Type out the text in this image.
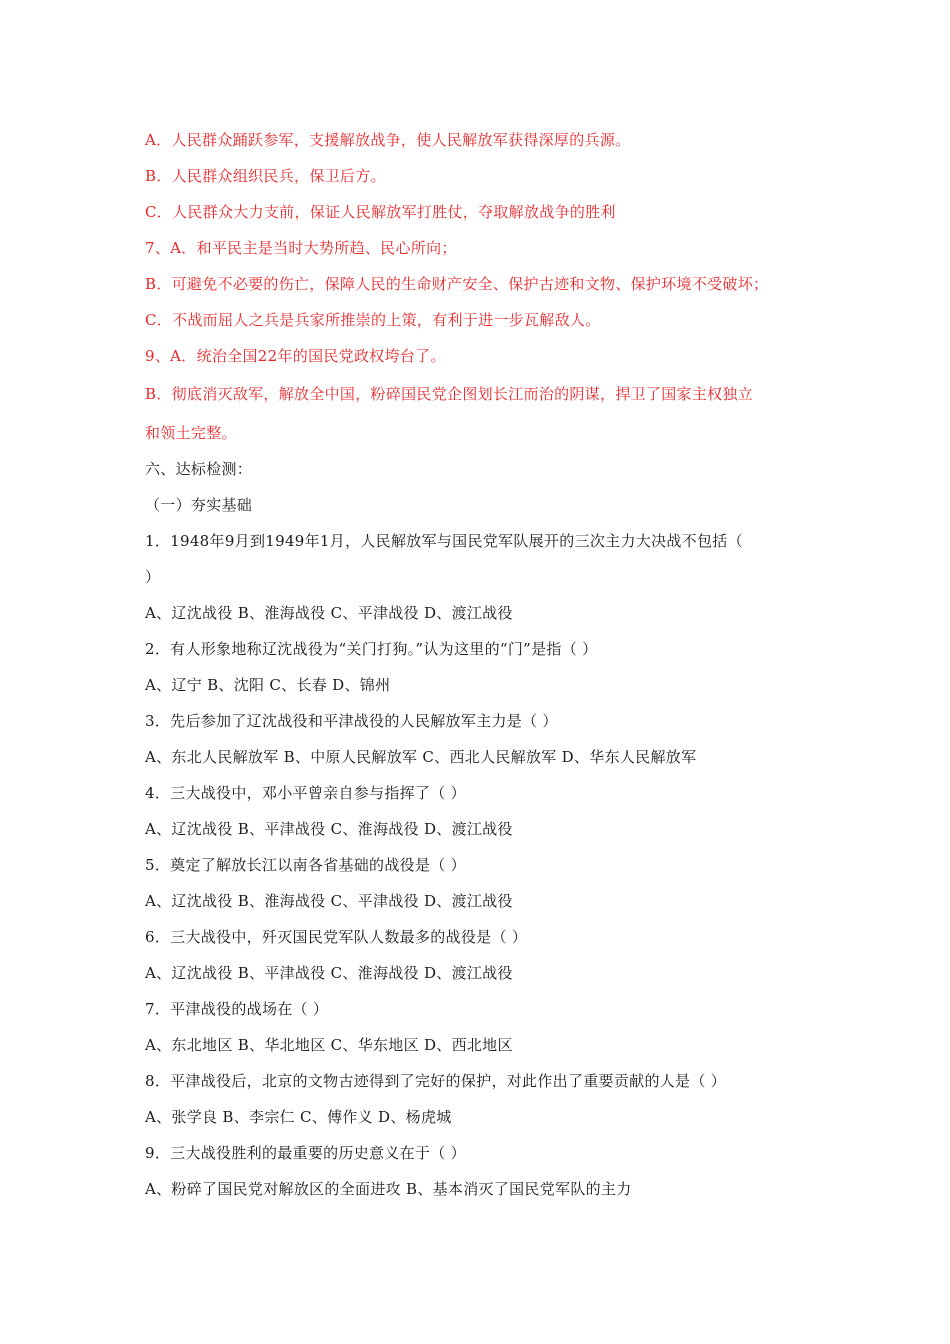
A．人民群众踊跃参军，支援解放战争，使人民解放军获得深厚的兵源。
B．人民群众组织民兵，保卫后方。
C．人民群众大力支前，保证人民解放军打胜仗，夺取解放战争的胜利
7、A．和平民主是当时大势所趋、民心所向；
B．可避免不必要的伤亡，保障人民的生命财产安全、保护古迹和文物、保护环境不受破坏；
C．不战而屈人之兵是兵家所推崇的上策，有利于进一步瓦解敌人。
9、A．统治全国22年的国民党政权垮台了。
B．彻底消灭敌军，解放全中国，粉碎国民党企图划长江而治的阴谋，捍卫了国家主权独立
和领土完整。
六、达标检测：
（一）夯实基础
1．1948年9月到1949年1月，人民解放军与国民党军队展开的三次主力大决战不包括（
）
A、辽沈战役 B、淮海战役 C、平津战役 D、渡江战役
2．有人形象地称辽沈战役为“关门打狗。”认为这里的“门”是指（ ）
A、辽宁 B、沈阳 C、长春 D、锦州
3．先后参加了辽沈战役和平津战役的人民解放军主力是（ ）
A、东北人民解放军 B、中原人民解放军 C、西北人民解放军 D、华东人民解放军
4．三大战役中，邓小平曾亲自参与指挥了（ ）
A、辽沈战役 B、平津战役 C、淮海战役 D、渡江战役
5．奠定了解放长江以南各省基础的战役是（ ）
A、辽沈战役 B、淮海战役 C、平津战役 D、渡江战役
6．三大战役中，歼灭国民党军队人数最多的战役是（ ）
A、辽沈战役 B、平津战役 C、淮海战役 D、渡江战役
7．平津战役的战场在（ ）
A、东北地区 B、华北地区 C、华东地区 D、西北地区
8．平津战役后，北京的文物古迹得到了完好的保护，对此作出了重要贡献的人是（ ）
A、张学良 B、李宗仁 C、傅作义 D、杨虎城
9．三大战役胜利的最重要的历史意义在于（ ）
A、粉碎了国民党对解放区的全面进攻 B、基本消灭了国民党军队的主力
